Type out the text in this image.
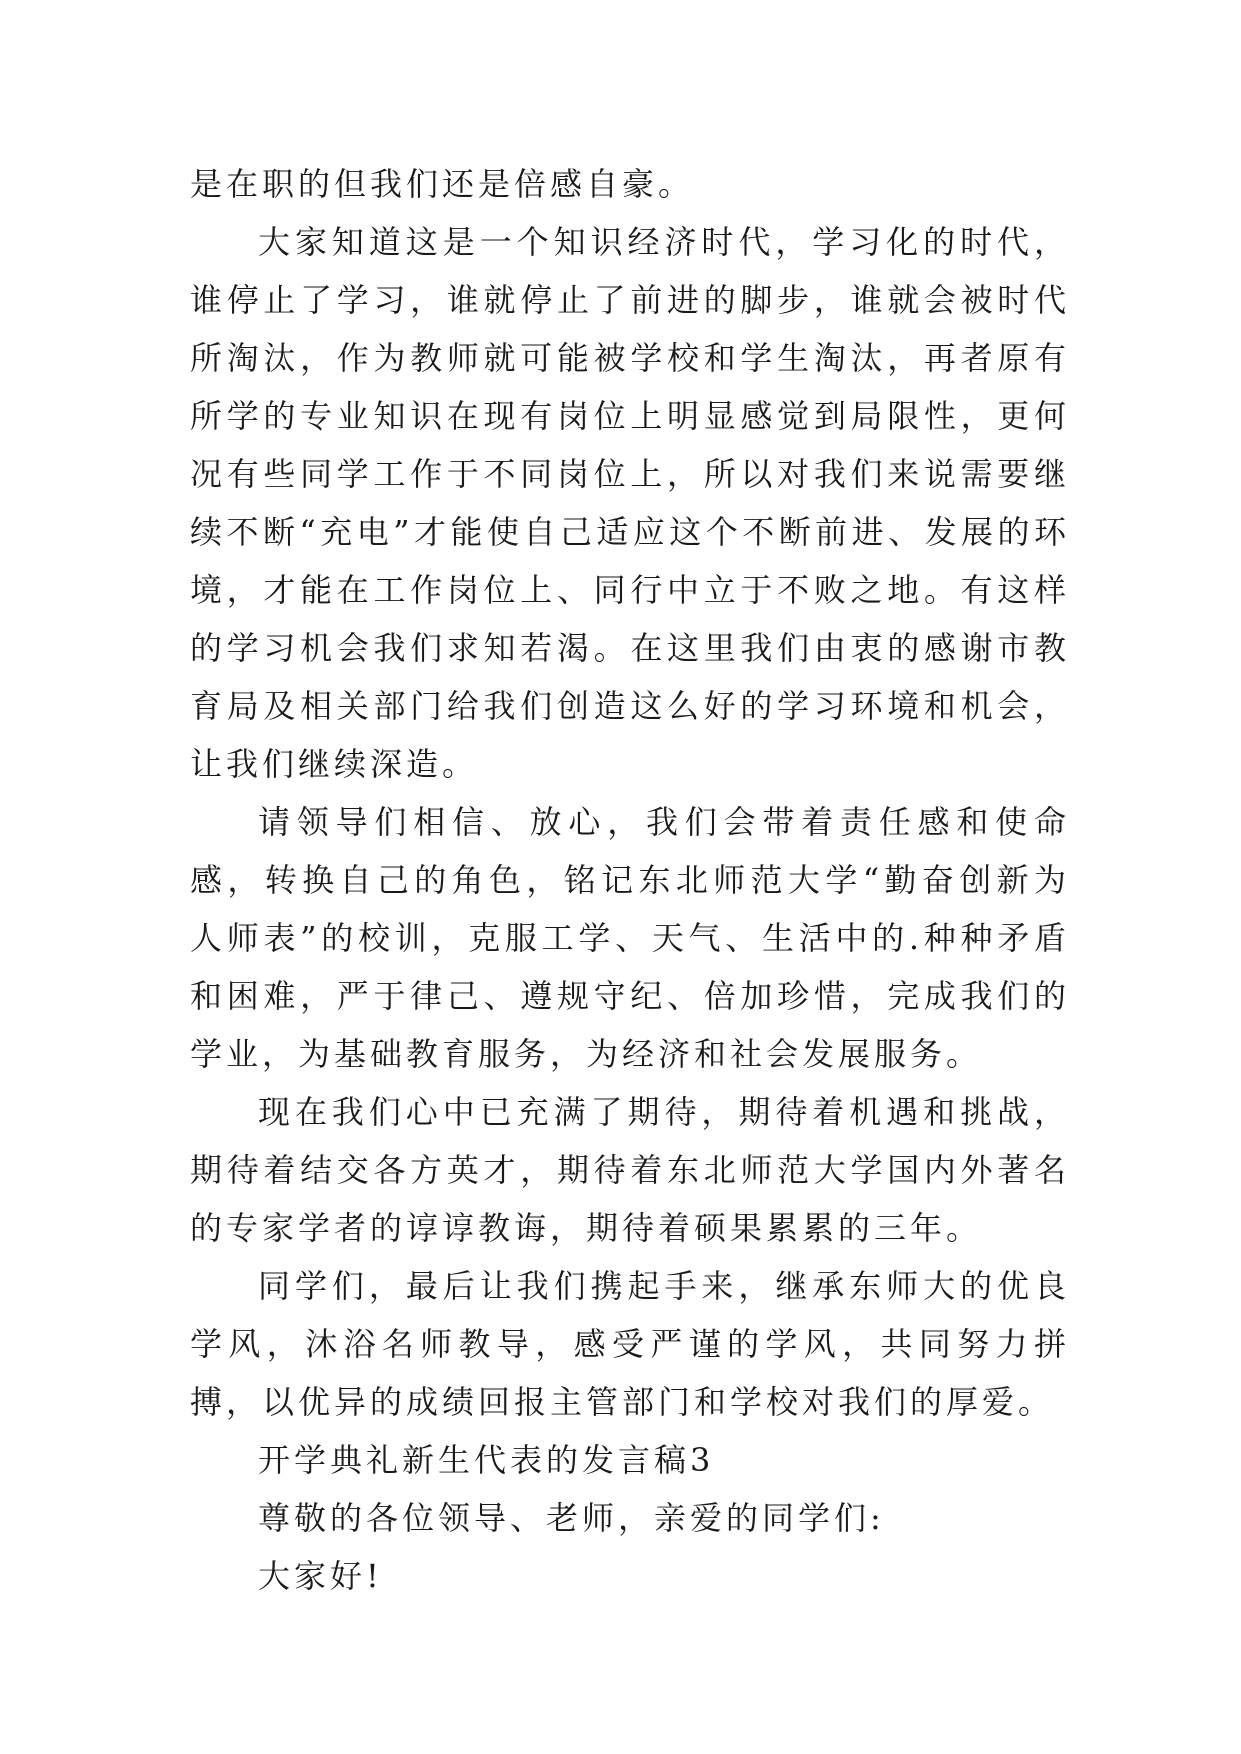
是在职的但我们还是倍感自豪。

大家知道这是一个知识经济时代，学习化的时代，谁停止了学习，谁就停止了前进的脚步，谁就会被时代所淘汰，作为教师就可能被学校和学生淘汰，再者原有所学的专业知识在现有岗位上明显感觉到局限性，更何况有些同学工作于不同岗位上，所以对我们来说需要继续不断“充电”才能使自己适应这个不断前进、发展的环境，才能在工作岗位上、同行中立于不败之地。有这样的学习机会我们求知若渴。在这里我们由衷的感谢市教育局及相关部门给我们创造这么好的学习环境和机会，让我们继续深造。

请领导们相信、放心，我们会带着责任感和使命感，转换自己的角色，铭记东北师范大学“勤奋创新为人师表”的校训，克服工学、天气、生活中的.种种矛盾和困难，严于律己、遵规守纪、倍加珍惜，完成我们的学业，为基础教育服务，为经济和社会发展服务。

现在我们心中已充满了期待，期待着机遇和挑战，期待着结交各方英才，期待着东北师范大学国内外著名的专家学者的谆谆教诲，期待着硕果累累的三年。

同学们，最后让我们携起手来，继承东师大的优良学风，沐浴名师教导，感受严谨的学风，共同努力拼搏，以优异的成绩回报主管部门和学校对我们的厚爱。

开学典礼新生代表的发言稿3

尊敬的各位领导、老师，亲爱的同学们:

大家好!
